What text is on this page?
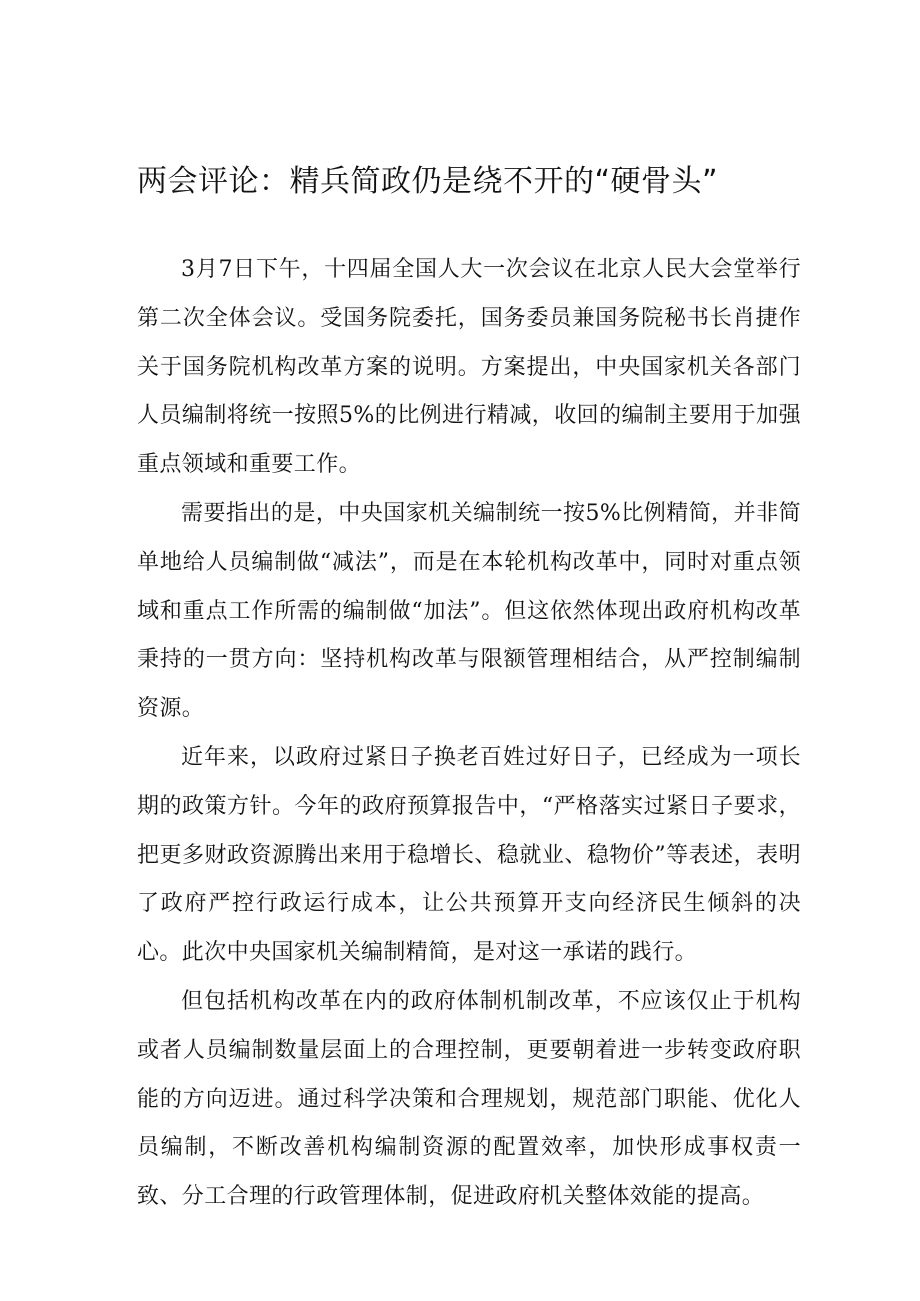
两会评论：精兵简政仍是绕不开的“硬骨头”

3月7日下午，十四届全国人大一次会议在北京人民大会堂举行第二次全体会议。受国务院委托，国务委员兼国务院秘书长肖捷作关于国务院机构改革方案的说明。方案提出，中央国家机关各部门人员编制将统一按照5%的比例进行精减，收回的编制主要用于加强重点领域和重要工作。

需要指出的是，中央国家机关编制统一按5%比例精简，并非简单地给人员编制做“减法”，而是在本轮机构改革中，同时对重点领域和重点工作所需的编制做“加法”。但这依然体现出政府机构改革秉持的一贯方向：坚持机构改革与限额管理相结合，从严控制编制资源。

近年来，以政府过紧日子换老百姓过好日子，已经成为一项长期的政策方针。今年的政府预算报告中，“严格落实过紧日子要求，把更多财政资源腾出来用于稳增长、稳就业、稳物价”等表述，表明了政府严控行政运行成本，让公共预算开支向经济民生倾斜的决心。此次中央国家机关编制精简，是对这一承诺的践行。

但包括机构改革在内的政府体制机制改革，不应该仅止于机构或者人员编制数量层面上的合理控制，更要朝着进一步转变政府职能的方向迈进。通过科学决策和合理规划，规范部门职能、优化人员编制，不断改善机构编制资源的配置效率，加快形成事权责一致、分工合理的行政管理体制，促进政府机关整体效能的提高。
